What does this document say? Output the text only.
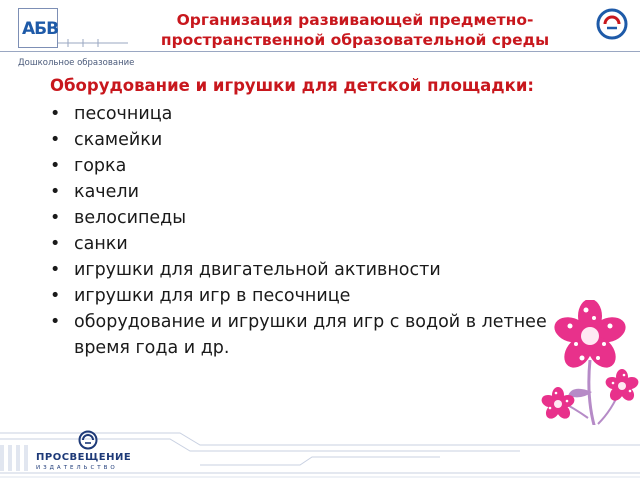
АБВ
Дошкольное образование
Организация развивающей предметно-пространственной образовательной среды
Оборудование и игрушки для детской площадки:
• песочница
• скамейки
• горка
• качели
• велосипеды
• санки
• игрушки для двигательной активности
• игрушки для игр в песочнице
• оборудование и игрушки для игр с водой в летнее время года и др.
ПРОСВЕЩЕНИЕ
ИЗДАТЕЛЬСТВО
